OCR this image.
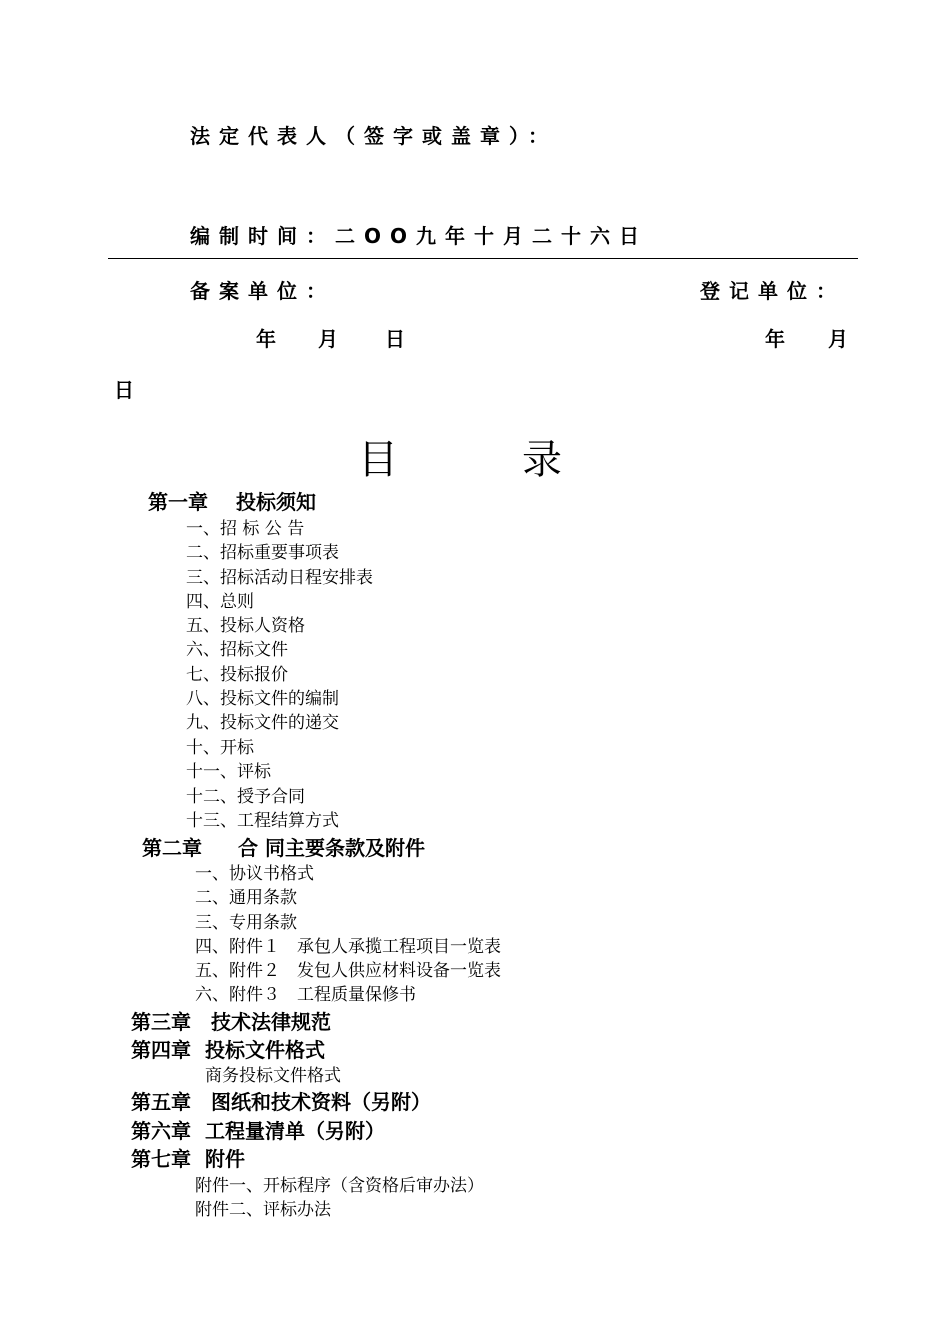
法定代表人（签字或盖章）：
编制时间：二OO九年十月二十六日
备案单位：	登记单位：
年 月 日	年 月
日
目	录
第一章 投标须知
一、招 标 公 告
二、招标重要事项表
三、招标活动日程安排表
四、总则
五、投标人资格
六、招标文件
七、投标报价
八、投标文件的编制
九、投标文件的递交
十、开标
十一、评标
十二、授予合同
十三、工程结算方式
第二章 合 同主要条款及附件
一、协议书格式
二、通用条款
三、专用条款
四、附件１　承包人承揽工程项目一览表
五、附件２　发包人供应材料设备一览表
六、附件３　工程质量保修书
第三章 技术法律规范
第四章 投标文件格式
商务投标文件格式
第五章 图纸和技术资料（另附）
第六章 工程量清单（另附）
第七章 附件
附件一、开标程序（含资格后审办法）
附件二、评标办法
